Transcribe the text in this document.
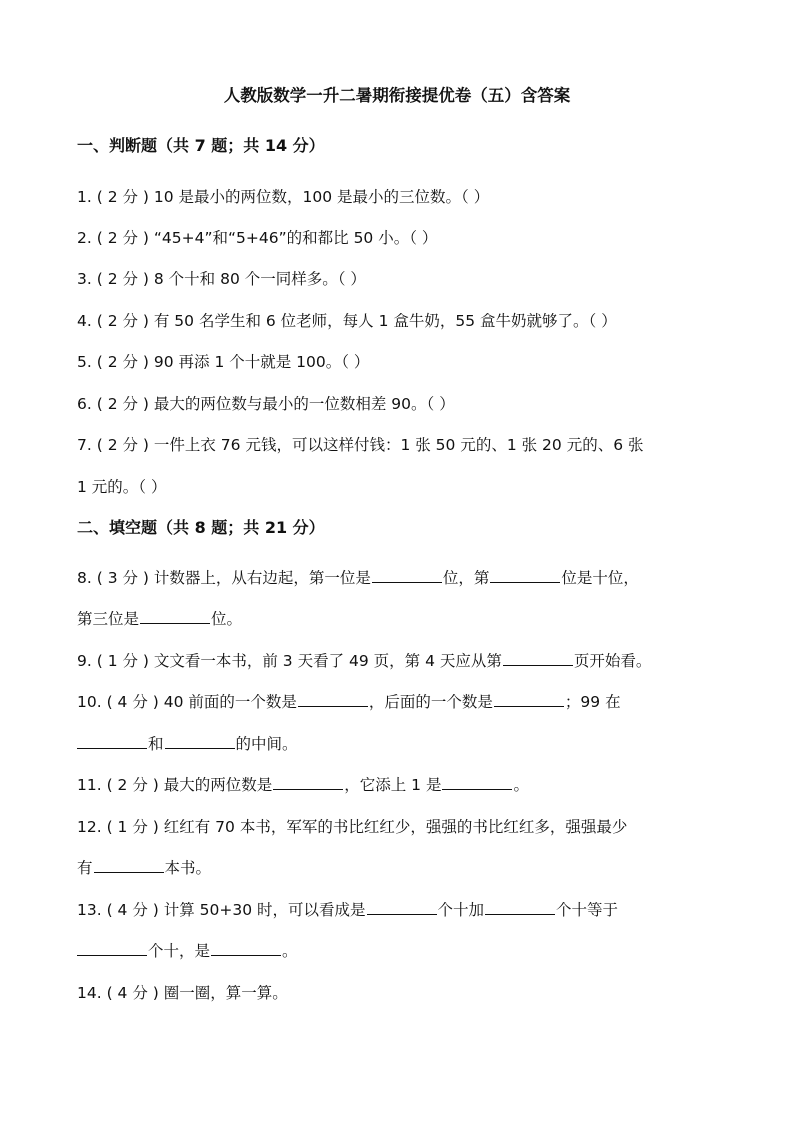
人教版数学一升二暑期衔接提优卷（五）含答案
一、判断题（共 7 题；共 14 分）
1. ( 2 分 ) 10 是最小的两位数，100 是最小的三位数。（ ）
2. ( 2 分 ) “45+4”和“5+46”的和都比 50 小。（ ）
3. ( 2 分 ) 8 个十和 80 个一同样多。（ ）
4. ( 2 分 ) 有 50 名学生和 6 位老师，每人 1 盒牛奶，55 盒牛奶就够了。（ ）
5. ( 2 分 ) 90 再添 1 个十就是 100。（ ）
6. ( 2 分 ) 最大的两位数与最小的一位数相差 90。（ ）
7. ( 2 分 ) 一件上衣 76 元钱，可以这样付钱：1 张 50 元的、1 张 20 元的、6 张
1 元的。（ ）
二、填空题（共 8 题；共 21 分）
8. ( 3 分 ) 计数器上，从右边起，第一位是	位，第	位是十位，
第三位是	位。
9. ( 1 分 ) 文文看一本书，前 3 天看了 49 页，第 4 天应从第	页开始看。
10. ( 4 分 ) 40 前面的一个数是	，后面的一个数是	；99 在
和	的中间。
11. ( 2 分 ) 最大的两位数是	，它添上 1 是	。
12. ( 1 分 ) 红红有 70 本书，军军的书比红红少，强强的书比红红多，强强最少
有	本书。
13. ( 4 分 ) 计算 50+30 时，可以看成是	个十加	个十等于
个十，是	。
14. ( 4 分 ) 圈一圈，算一算。
